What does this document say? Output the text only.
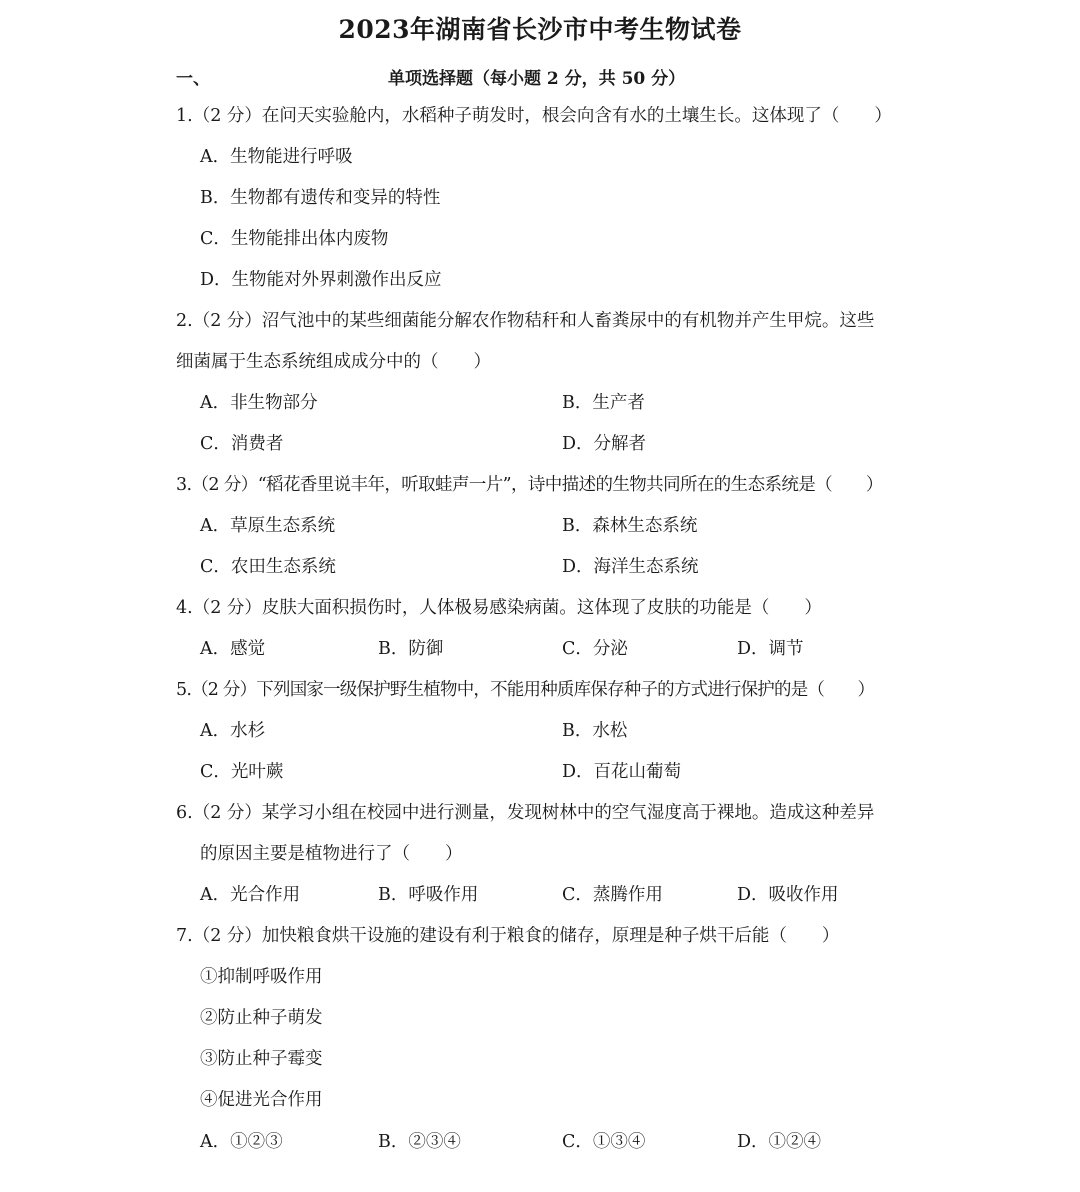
2023年湖南省长沙市中考生物试卷
一、	单项选择题（每小题 2 分，共 50 分）
1.（2 分）在问天实验舱内，水稻种子萌发时，根会向含有水的土壤生长。这体现了（　　）
A．生物能进行呼吸
B．生物都有遗传和变异的特性
C．生物能排出体内废物
D．生物能对外界刺激作出反应
2.（2 分）沼气池中的某些细菌能分解农作物秸秆和人畜粪尿中的有机物并产生甲烷。这些
细菌属于生态系统组成成分中的（　　）
A．非生物部分	B．生产者
C．消费者	D．分解者
3.（2 分）“稻花香里说丰年，听取蛙声一片”，诗中描述的生物共同所在的生态系统是（　　）
A．草原生态系统	B．森林生态系统
C．农田生态系统	D．海洋生态系统
4.（2 分）皮肤大面积损伤时，人体极易感染病菌。这体现了皮肤的功能是（　　）
A．感觉	B．防御	C．分泌	D．调节
5.（2 分）下列国家一级保护野生植物中，不能用种质库保存种子的方式进行保护的是（　　）
A．水杉	B．水松
C．光叶蕨	D．百花山葡萄
6.（2 分）某学习小组在校园中进行测量，发现树林中的空气湿度高于裸地。造成这种差异
的原因主要是植物进行了（　　）
A．光合作用	B．呼吸作用	C．蒸腾作用	D．吸收作用
7.（2 分）加快粮食烘干设施的建设有利于粮食的储存，原理是种子烘干后能（　　）
①抑制呼吸作用
②防止种子萌发
③防止种子霉变
④促进光合作用
A．①②③	B．②③④	C．①③④	D．①②④
